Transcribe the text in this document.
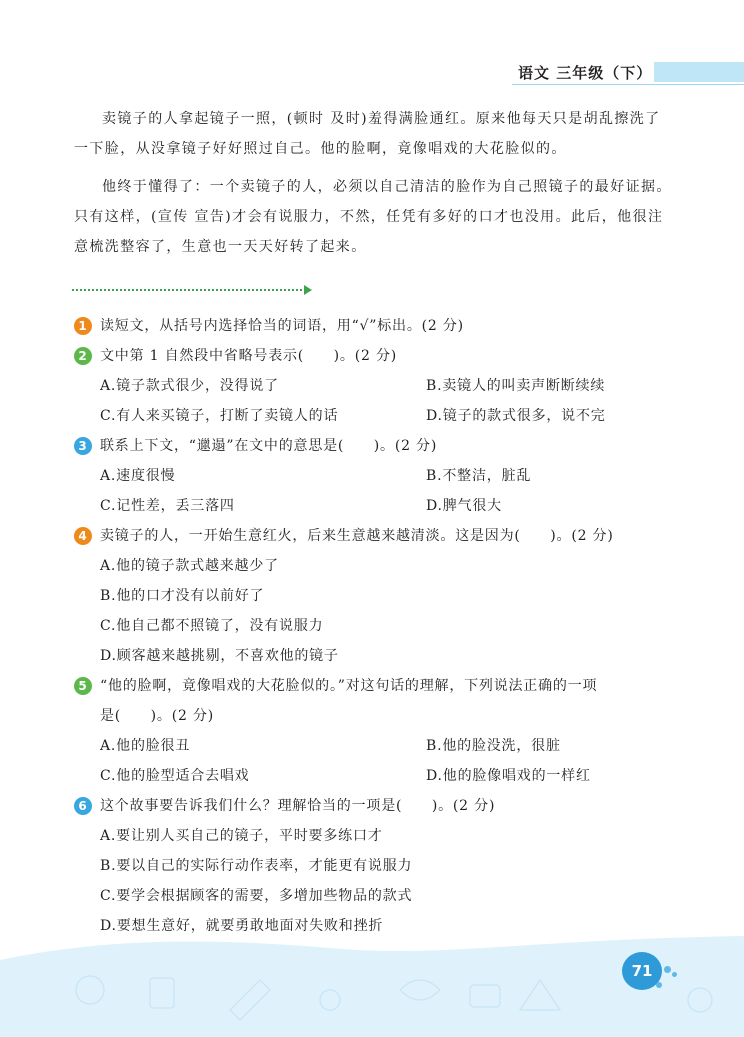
语文 三年级（下）

卖镜子的人拿起镜子一照，(顿时 及时)羞得满脸通红。原来他每天只是胡乱擦洗了一下脸，从没拿镜子好好照过自己。他的脸啊，竟像唱戏的大花脸似的。

他终于懂得了：一个卖镜子的人，必须以自己清洁的脸作为自己照镜子的最好证据。只有这样，(宣传 宣告)才会有说服力，不然，任凭有多好的口才也没用。此后，他很注意梳洗整容了，生意也一天天好转了起来。

1 读短文，从括号内选择恰当的词语，用“√”标出。(2 分)
2 文中第 1 自然段中省略号表示(　　)。(2 分)
A.镜子款式很少，没得说了	B.卖镜人的叫卖声断断续续
C.有人来买镜子，打断了卖镜人的话	D.镜子的款式很多，说不完
3 联系上下文，“邋遢”在文中的意思是(　　)。(2 分)
A.速度很慢	B.不整洁，脏乱
C.记性差，丢三落四	D.脾气很大
4 卖镜子的人，一开始生意红火，后来生意越来越清淡。这是因为(　　)。(2 分)
A.他的镜子款式越来越少了
B.他的口才没有以前好了
C.他自己都不照镜了，没有说服力
D.顾客越来越挑剔，不喜欢他的镜子
5 “他的脸啊，竟像唱戏的大花脸似的。”对这句话的理解，下列说法正确的一项
是(　　)。(2 分)
A.他的脸很丑	B.他的脸没洗，很脏
C.他的脸型适合去唱戏	D.他的脸像唱戏的一样红
6 这个故事要告诉我们什么？理解恰当的一项是(　　)。(2 分)
A.要让别人买自己的镜子，平时要多练口才
B.要以自己的实际行动作表率，才能更有说服力
C.要学会根据顾客的需要，多增加些物品的款式
D.要想生意好，就要勇敢地面对失败和挫折
71
